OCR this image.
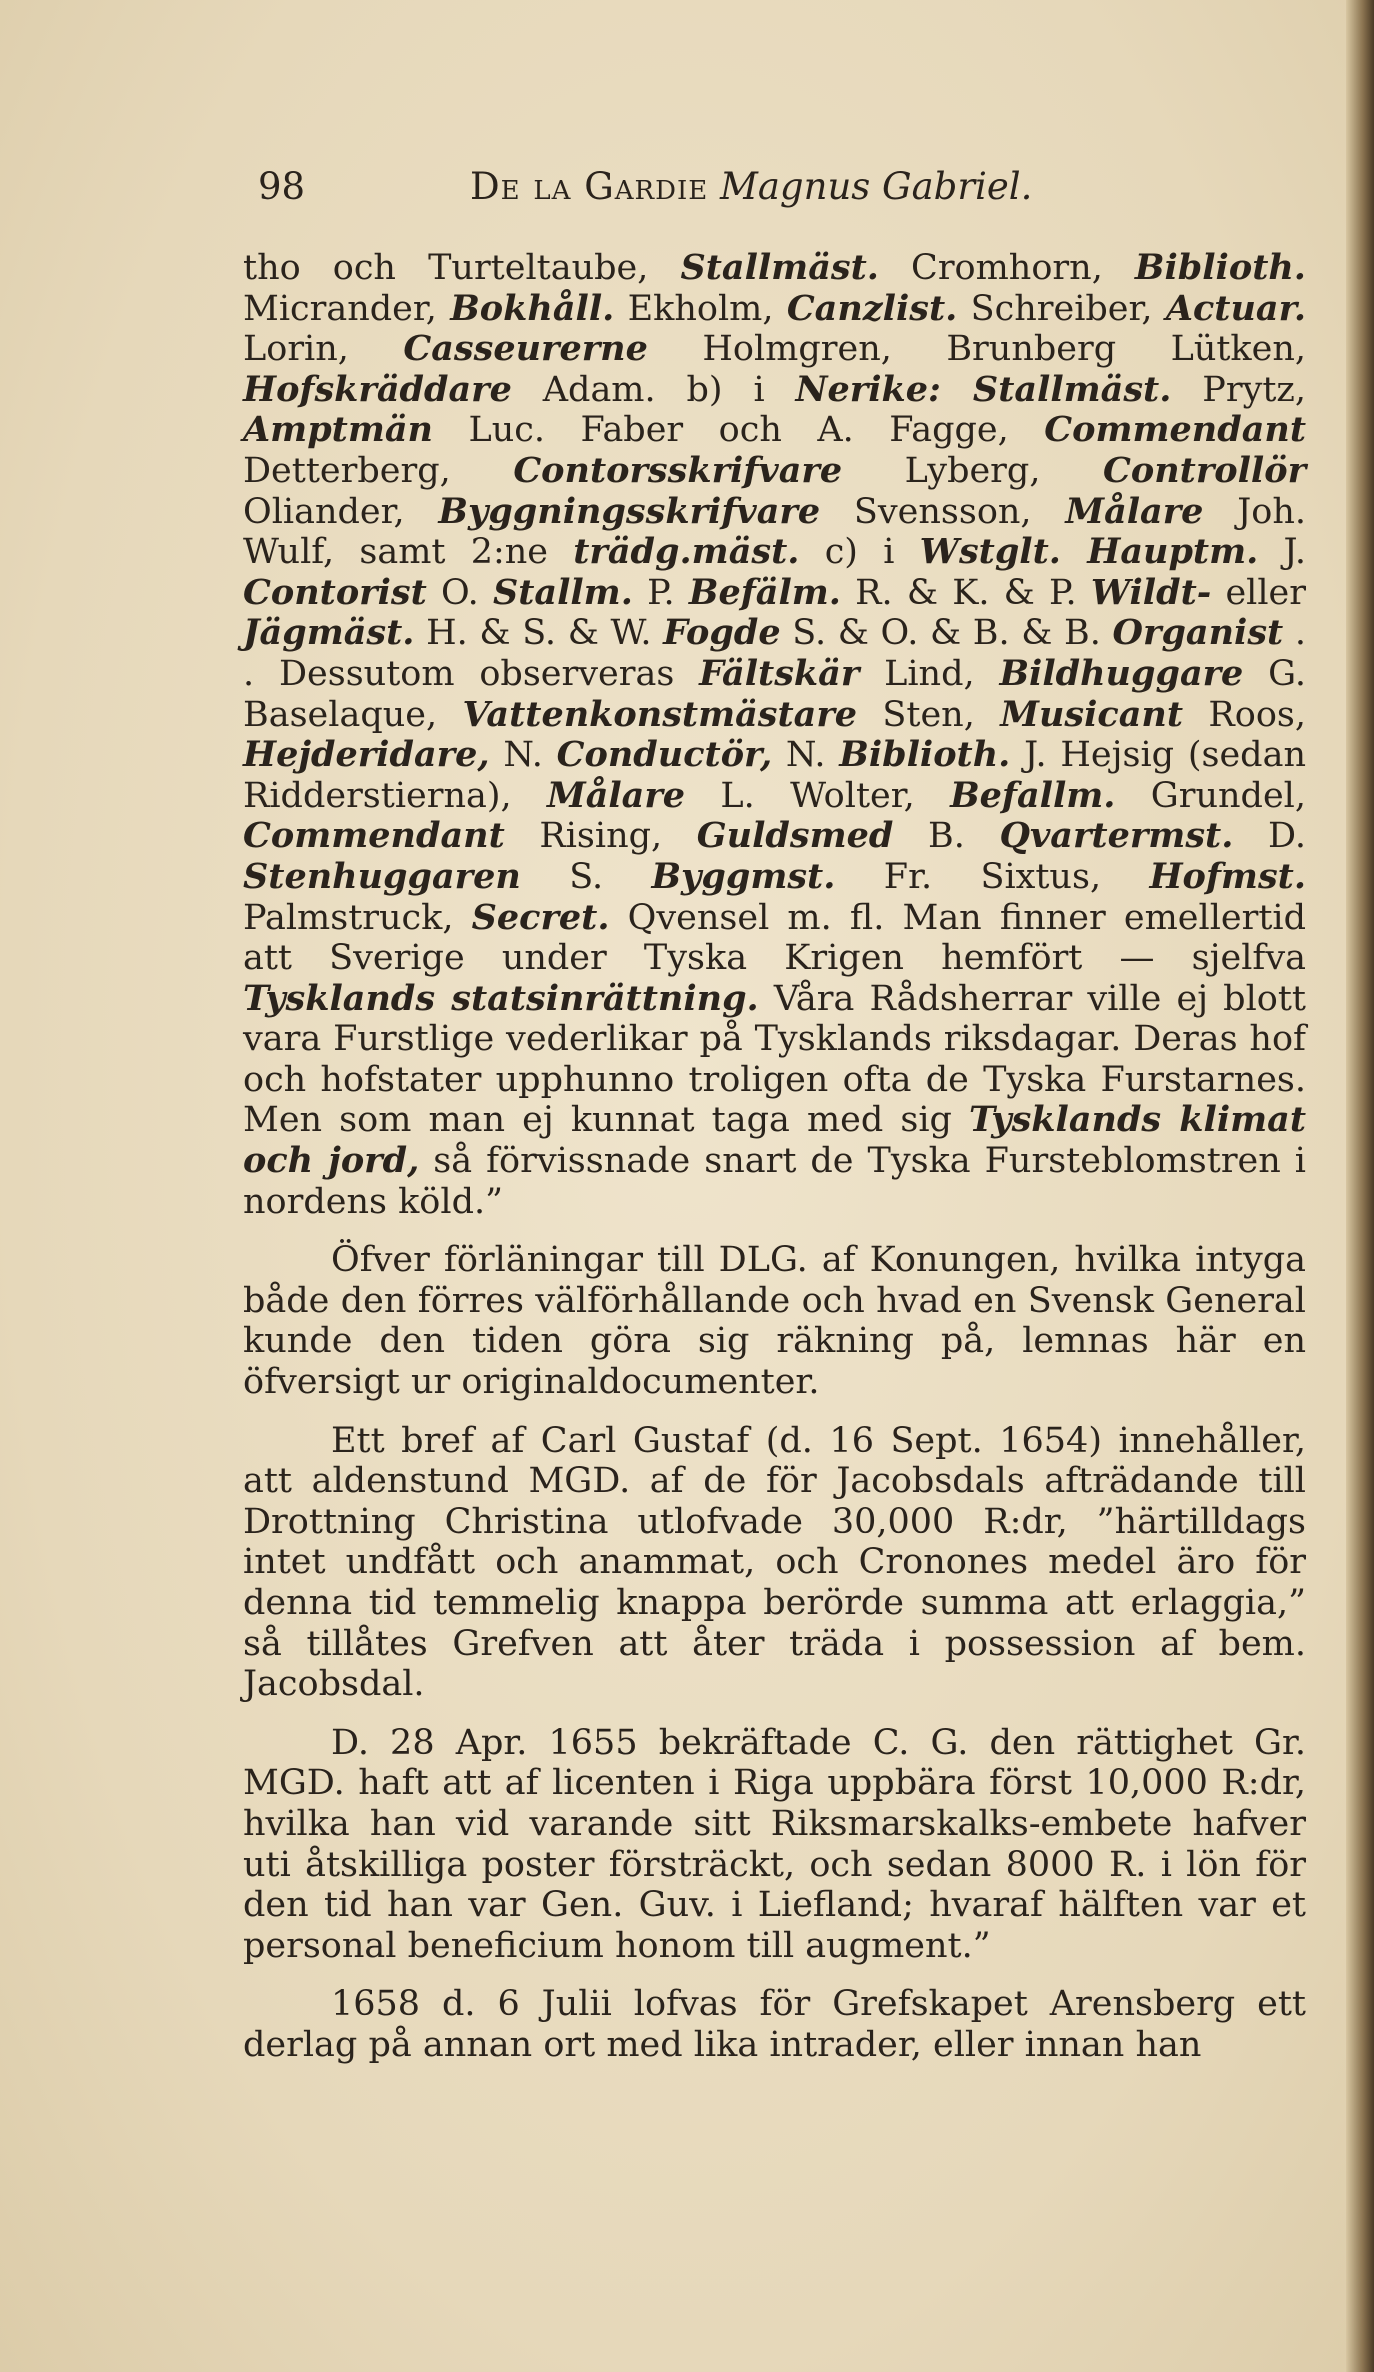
98	De la Gardie Magnus Gabriel.

tho och Turteltaube, Stallmäst. Cromhorn, Biblioth. Micrander, Bokhåll. Ekholm, Canzlist. Schreiber, Actuar. Lorin, Casseurerne Holmgren, Brunberg Lütken, Hofskräddare Adam. b) i Nerike: Stallmäst. Prytz, Amptmän Luc. Faber och A. Fagge, Commendant Detterberg, Contorsskrifvare Lyberg, Controllör Oliander, Byggningsskrifvare Svensson, Målare Joh. Wulf, samt 2:ne trädg.mäst. c) i Wstglt. Hauptm. J. Contorist O. Stallm. P. Befälm. R. & K. & P. Wildt- eller Jägmäst. H. & S. & W. Fogde S. & O. & B. & B. Organist . . Dessutom observeras Fältskär Lind, Bildhuggare G. Baselaque, Vattenkonstmästare Sten, Musicant Roos, Hejderidare, N. Conductör, N. Biblioth. J. Hejsig (sedan Ridderstierna), Målare L. Wolter, Befallm. Grundel, Commendant Rising, Guldsmed B. Qvartermst. D. Stenhuggaren S. Byggmst. Fr. Sixtus, Hofmst. Palmstruck, Secret. Qvensel m. fl. Man finner emellertid att Sverige under Tyska Krigen hemfört — sjelfva Tysklands statsinrättning. Våra Rådsherrar ville ej blott vara Furstlige vederlikar på Tysklands riksdagar. Deras hof och hofstater upphunno troligen ofta de Tyska Furstarnes. Men som man ej kunnat taga med sig Tysklands klimat och jord, så förvissnade snart de Tyska Fursteblomstren i nordens köld.”

Öfver förläningar till DLG. af Konungen, hvilka intyga både den förres välförhållande och hvad en Svensk General kunde den tiden göra sig räkning på, lemnas här en öfversigt ur originaldocumenter.

Ett bref af Carl Gustaf (d. 16 Sept. 1654) innehåller, att aldenstund MGD. af de för Jacobsdals afträdande till Drottning Christina utlofvade 30,000 R:dr, ”härtilldags intet undfått och anammat, och Cronones medel äro för denna tid temmelig knappa berörde summa att erlaggia,” så tillåtes Grefven att åter träda i possession af bem. Jacobsdal.

D. 28 Apr. 1655 bekräftade C. G. den rättighet Gr. MGD. haft att af licenten i Riga uppbära först 10,000 R:dr, hvilka han vid varande sitt Riksmarskalks-embete hafver uti åtskilliga poster försträckt, och sedan 8000 R. i lön för den tid han var Gen. Guv. i Liefland; hvaraf hälften var et personal beneficium honom till augment.”

1658 d. 6 Julii lofvas för Grefskapet Arensberg ett derlag på annan ort med lika intrader, eller innan han
